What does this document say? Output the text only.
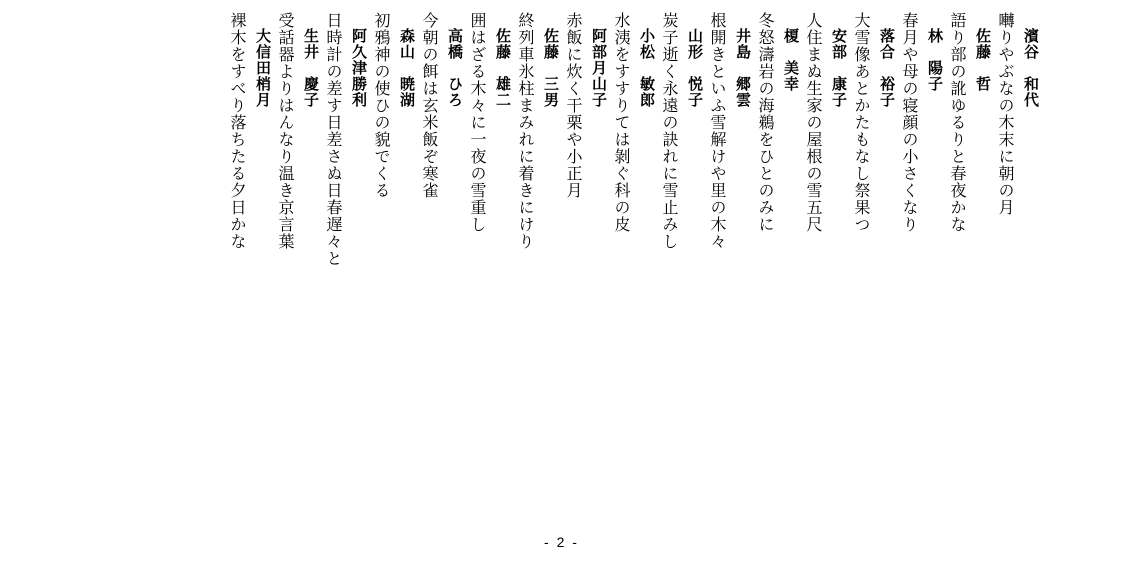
濱谷　和代
囀りやぶなの木末に朝の月
佐藤　哲
語り部の訛ゆるりと春夜かな
林　陽子
春月や母の寝顔の小さくなり
落合　裕子
大雪像あとかたもなし祭果つ
安部　康子
人住まぬ生家の屋根の雪五尺
榎　美幸
冬怒濤岩の海鵜をひとのみに
井島　郷雲
根開きといふ雪解けや里の木々
山形　悦子
炭子逝く永遠の訣れに雪止みし
小松　敏郎
水洟をすすりては剝ぐ科の皮
阿部月山子
赤飯に炊く干栗や小正月
佐藤　三男
終列車氷柱まみれに着きにけり
佐藤　雄二
囲はざる木々に一夜の雪重し
高橋　ひろ
今朝の餌は玄米飯ぞ寒雀
森山　暁湖
初鴉神の使ひの貌でくる
阿久津勝利
日時計の差す日差さぬ日春遅々と
生井　慶子
受話器よりはんなり温き京言葉
大信田梢月
裸木をすべり落ちたる夕日かな
- 2 -
